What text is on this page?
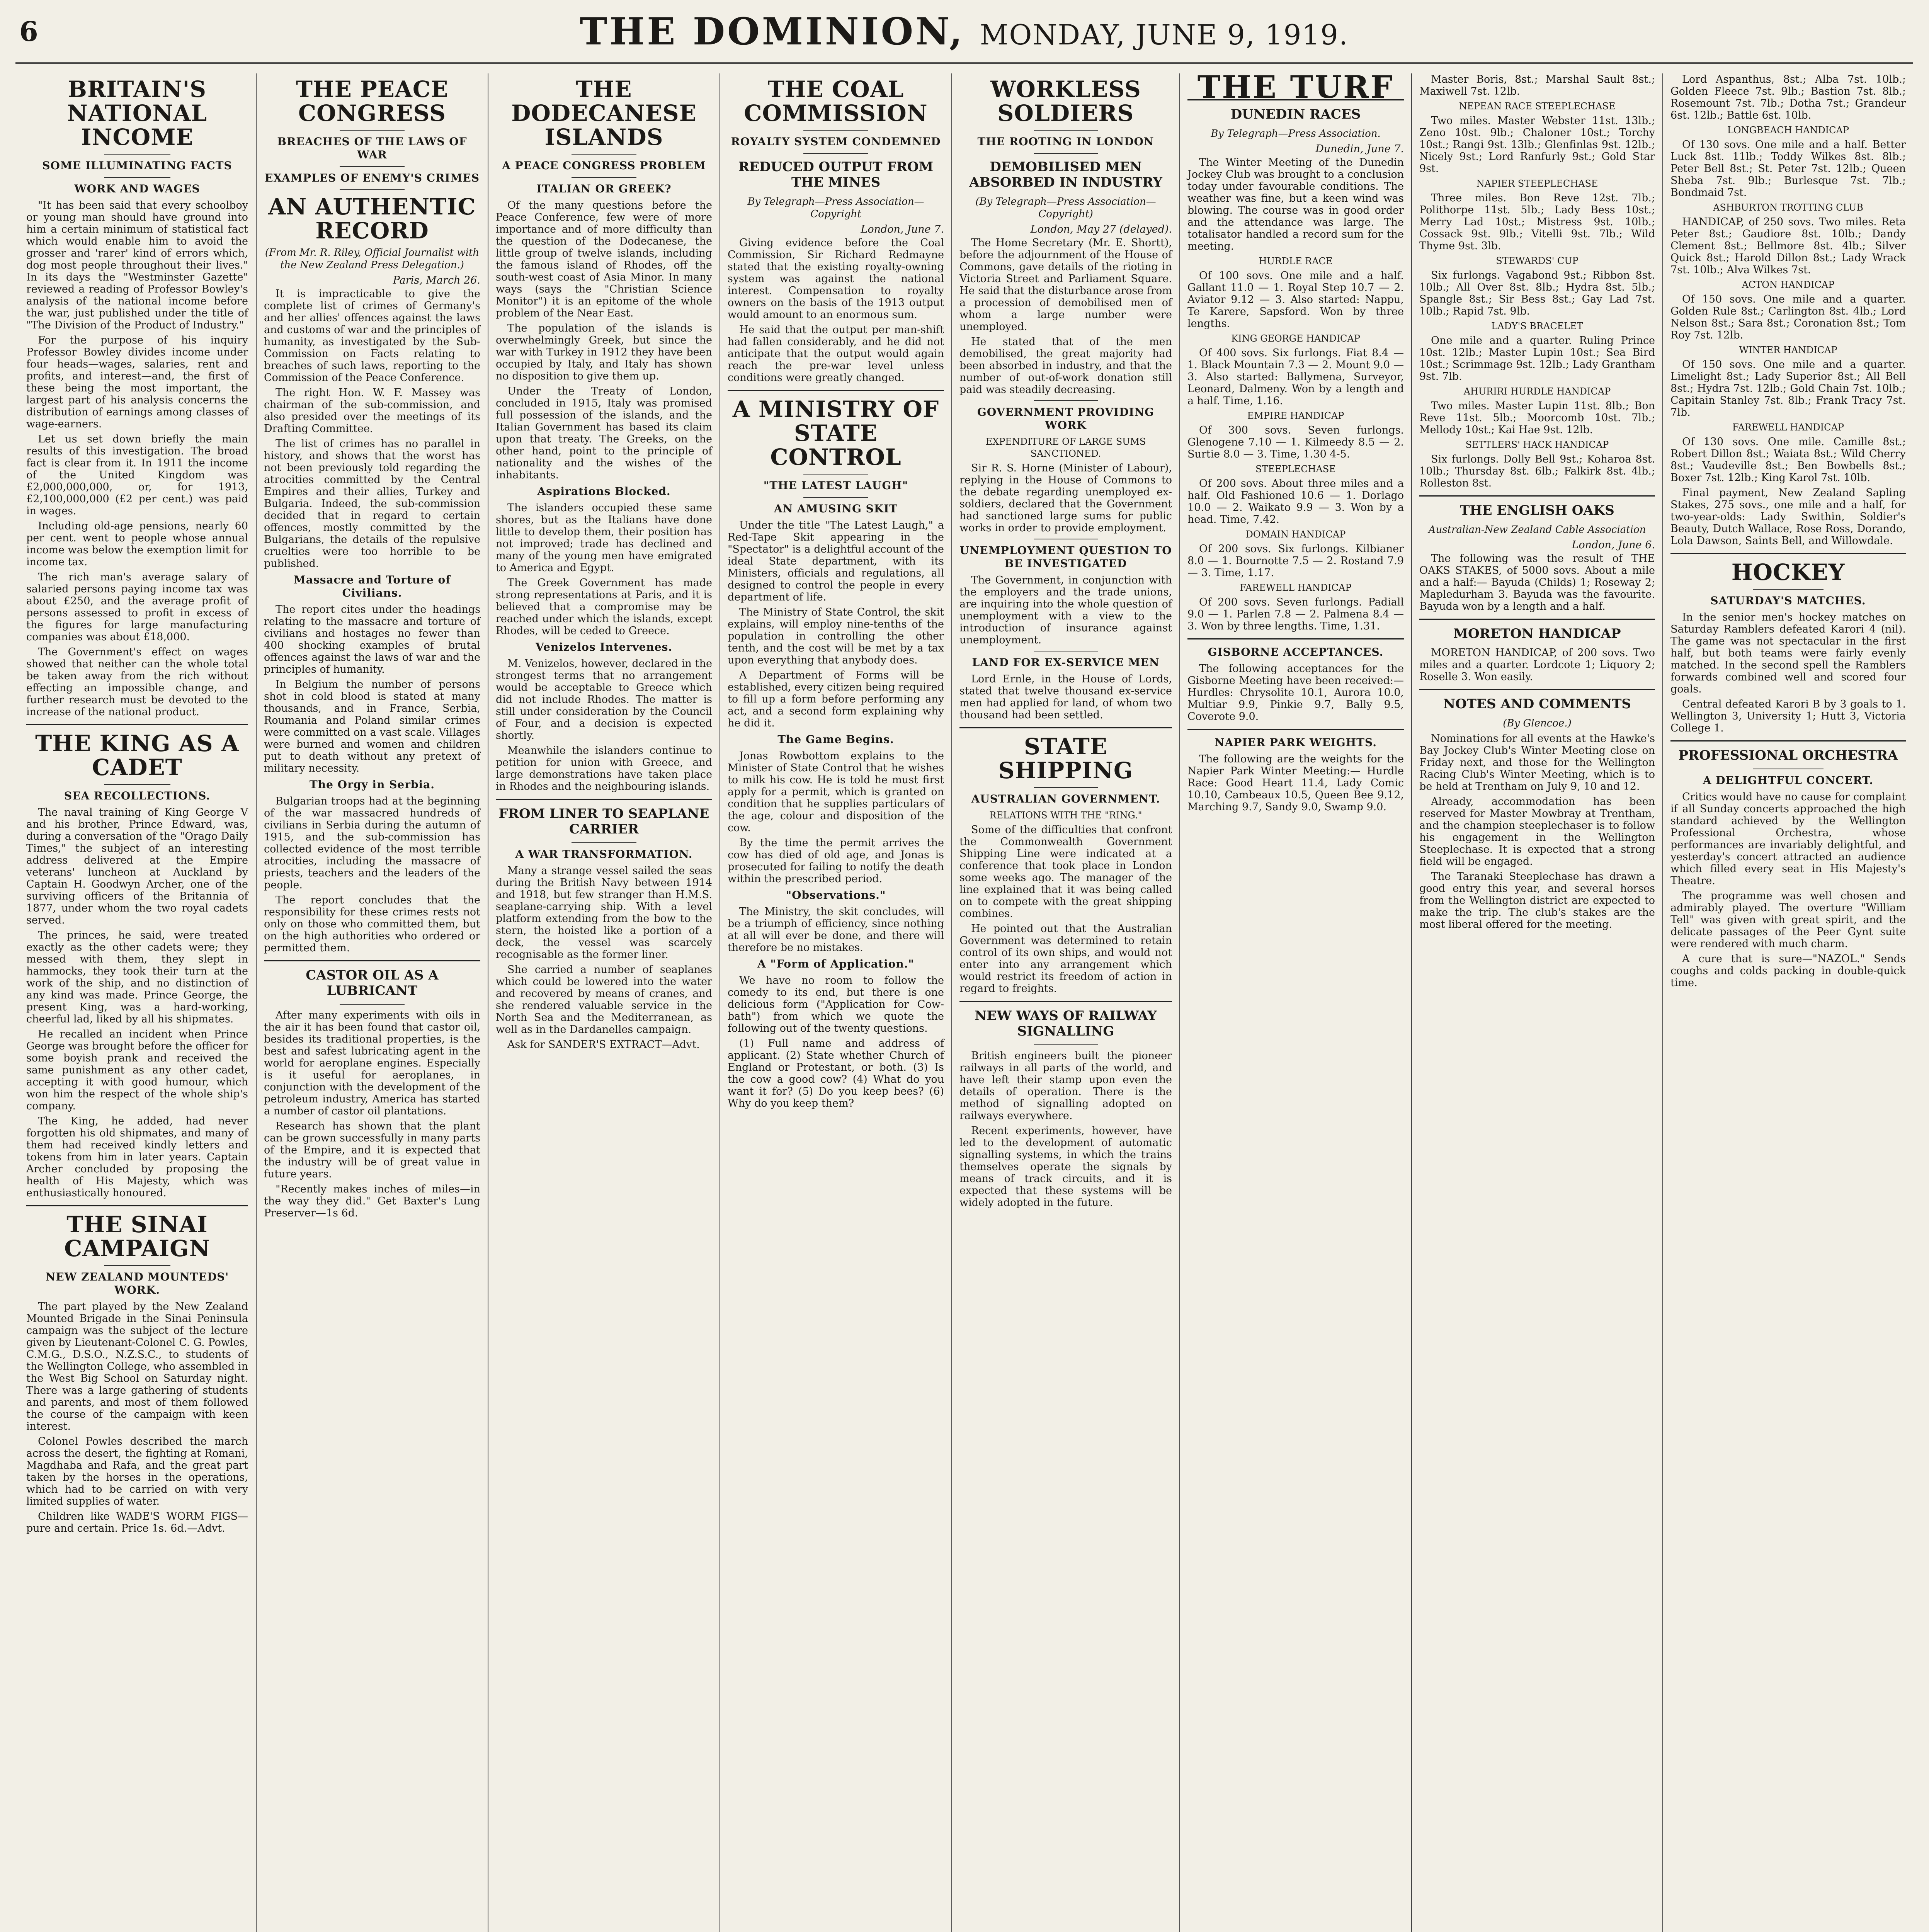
6	THE DOMINION, MONDAY, JUNE 9, 1919.
BRITAIN'S NATIONAL INCOME
SOME ILLUMINATING FACTS
WORK AND WAGES

"It has been said that every schoolboy or young man should have ground into him a certain minimum of statistical fact which would enable him to avoid the grosser and 'rarer' kind of errors which, dog most people throughout their lives." In its days the "Westminster Gazette" reviewed a reading of Professor Bowley's analysis of the national income before the war, just published under the title of "The Division of the Product of Industry."

For the purpose of his inquiry Professor Bowley divides income under four heads—wages, salaries, rent and profits, and interest—and, the first of these being the most important, the largest part of his analysis concerns the distribution of earnings among classes of wage-earners.

Let us set down briefly the main results of this investigation. The broad fact is clear from it. In 1911 the income of the United Kingdom was £2,000,000,000, or, for 1913, £2,100,000,000 (£2 per cent.) was paid in wages.

Including old-age pensions, nearly 60 per cent. went to people whose annual income was below the exemption limit for income tax.

The rich man's average salary of salaried persons paying income tax was about £250, and the average profit of persons assessed to profit in excess of the figures for large manufacturing companies was about £18,000.

The Government's effect on wages showed that neither can the whole total be taken away from the rich without effecting an impossible change, and further research must be devoted to the increase of the national product.

THE KING AS A CADET
SEA RECOLLECTIONS.

The naval training of King George V and his brother, Prince Edward, was, during a conversation of the "Orago Daily Times," the subject of an interesting address delivered at the Empire veterans' luncheon at Auckland by Captain H. Goodwyn Archer, one of the surviving officers of the Britannia of 1877, under whom the two royal cadets served.

The princes, he said, were treated exactly as the other cadets were; they messed with them, they slept in hammocks, they took their turn at the work of the ship, and no distinction of any kind was made. Prince George, the present King, was a hard-working, cheerful lad, liked by all his shipmates.

He recalled an incident when Prince George was brought before the officer for some boyish prank and received the same punishment as any other cadet, accepting it with good humour, which won him the respect of the whole ship's company.

The King, he added, had never forgotten his old shipmates, and many of them had received kindly letters and tokens from him in later years. Captain Archer concluded by proposing the health of His Majesty, which was enthusiastically honoured.

THE SINAI CAMPAIGN
NEW ZEALAND MOUNTEDS' WORK.

The part played by the New Zealand Mounted Brigade in the Sinai Peninsula campaign was the subject of the lecture given by Lieutenant-Colonel C. G. Powles, C.M.G., D.S.O., N.Z.S.C., to students of the Wellington College, who assembled in the West Big School on Saturday night. There was a large gathering of students and parents, and most of them followed the course of the campaign with keen interest.

Colonel Powles described the march across the desert, the fighting at Romani, Magdhaba and Rafa, and the great part taken by the horses in the operations, which had to be carried on with very limited supplies of water.

Children like WADE'S WORM FIGS—pure and certain. Price 1s. 6d.—Advt.

THE PEACE CONGRESS
BREACHES OF THE LAWS OF WAR
EXAMPLES OF ENEMY'S CRIMES
AN AUTHENTIC RECORD
(From Mr. R. Riley, Official Journalist with the New Zealand Press Delegation.)
Paris, March 26.

It is impracticable to give the complete list of crimes of Germany's and her allies' offences against the laws and customs of war and the principles of humanity, as investigated by the Sub-Commission on Facts relating to breaches of such laws, reporting to the Commission of the Peace Conference.

The right Hon. W. F. Massey was chairman of the sub-commission, and also presided over the meetings of its Drafting Committee.

The list of crimes has no parallel in history, and shows that the worst has not been previously told regarding the atrocities committed by the Central Empires and their allies, Turkey and Bulgaria. Indeed, the sub-commission decided that in regard to certain offences, mostly committed by the Bulgarians, the details of the repulsive cruelties were too horrible to be published.

Massacre and Torture of Civilians.

The report cites under the headings relating to the massacre and torture of civilians and hostages no fewer than 400 shocking examples of brutal offences against the laws of war and the principles of humanity.

In Belgium the number of persons shot in cold blood is stated at many thousands, and in France, Serbia, Roumania and Poland similar crimes were committed on a vast scale. Villages were burned and women and children put to death without any pretext of military necessity.

The Orgy in Serbia.

Bulgarian troops had at the beginning of the war massacred hundreds of civilians in Serbia during the autumn of 1915, and the sub-commission has collected evidence of the most terrible atrocities, including the massacre of priests, teachers and the leaders of the people.

The report concludes that the responsibility for these crimes rests not only on those who committed them, but on the high authorities who ordered or permitted them.

CASTOR OIL AS A LUBRICANT

After many experiments with oils in the air it has been found that castor oil, besides its traditional properties, is the best and safest lubricating agent in the world for aeroplane engines. Especially is it useful for aeroplanes, in conjunction with the development of the petroleum industry, America has started a number of castor oil plantations.

Research has shown that the plant can be grown successfully in many parts of the Empire, and it is expected that the industry will be of great value in future years.

"Recently makes inches of miles—in the way they did." Get Baxter's Lung Preserver—1s 6d.

THE DODECANESE ISLANDS
A PEACE CONGRESS PROBLEM
ITALIAN OR GREEK?

Of the many questions before the Peace Conference, few were of more importance and of more difficulty than the question of the Dodecanese, the little group of twelve islands, including the famous island of Rhodes, off the south-west coast of Asia Minor. In many ways (says the "Christian Science Monitor") it is an epitome of the whole problem of the Near East.

The population of the islands is overwhelmingly Greek, but since the war with Turkey in 1912 they have been occupied by Italy, and Italy has shown no disposition to give them up.

Under the Treaty of London, concluded in 1915, Italy was promised full possession of the islands, and the Italian Government has based its claim upon that treaty. The Greeks, on the other hand, point to the principle of nationality and the wishes of the inhabitants.

Aspirations Blocked.

The islanders occupied these same shores, but as the Italians have done little to develop them, their position has not improved; trade has declined and many of the young men have emigrated to America and Egypt.

The Greek Government has made strong representations at Paris, and it is believed that a compromise may be reached under which the islands, except Rhodes, will be ceded to Greece.

Venizelos Intervenes.

M. Venizelos, however, declared in the strongest terms that no arrangement would be acceptable to Greece which did not include Rhodes. The matter is still under consideration by the Council of Four, and a decision is expected shortly.

Meanwhile the islanders continue to petition for union with Greece, and large demonstrations have taken place in Rhodes and the neighbouring islands.

FROM LINER TO SEAPLANE CARRIER
A WAR TRANSFORMATION.

Many a strange vessel sailed the seas during the British Navy between 1914 and 1918, but few stranger than H.M.S. seaplane-carrying ship. With a level platform extending from the bow to the stern, the hoisted like a portion of a deck, the vessel was scarcely recognisable as the former liner.

She carried a number of seaplanes which could be lowered into the water and recovered by means of cranes, and she rendered valuable service in the North Sea and the Mediterranean, as well as in the Dardanelles campaign.

Ask for SANDER'S EXTRACT—Advt.

THE COAL COMMISSION
ROYALTY SYSTEM CONDEMNED
REDUCED OUTPUT FROM THE MINES
By Telegraph—Press Association—Copyright
London, June 7.

Giving evidence before the Coal Commission, Sir Richard Redmayne stated that the existing royalty-owning system was against the national interest. Compensation to royalty owners on the basis of the 1913 output would amount to an enormous sum.

He said that the output per man-shift had fallen considerably, and he did not anticipate that the output would again reach the pre-war level unless conditions were greatly changed.

A MINISTRY OF STATE CONTROL
"THE LATEST LAUGH"
AN AMUSING SKIT

Under the title "The Latest Laugh," a Red-Tape Skit appearing in the "Spectator" is a delightful account of the ideal State department, with its Ministers, officials and regulations, all designed to control the people in every department of life.

The Ministry of State Control, the skit explains, will employ nine-tenths of the population in controlling the other tenth, and the cost will be met by a tax upon everything that anybody does.

A Department of Forms will be established, every citizen being required to fill up a form before performing any act, and a second form explaining why he did it.

The Game Begins.

Jonas Rowbottom explains to the Minister of State Control that he wishes to milk his cow. He is told he must first apply for a permit, which is granted on condition that he supplies particulars of the age, colour and disposition of the cow.

By the time the permit arrives the cow has died of old age, and Jonas is prosecuted for failing to notify the death within the prescribed period.

"Observations."

The Ministry, the skit concludes, will be a triumph of efficiency, since nothing at all will ever be done, and there will therefore be no mistakes.

A "Form of Application."

We have no room to follow the comedy to its end, but there is one delicious form ("Application for Cow-bath") from which we quote the following out of the twenty questions.

(1) Full name and address of applicant. (2) State whether Church of England or Protestant, or both. (3) Is the cow a good cow? (4) What do you want it for? (5) Do you keep bees? (6) Why do you keep them?

WORKLESS SOLDIERS
THE ROOTING IN LONDON
DEMOBILISED MEN ABSORBED IN INDUSTRY
(By Telegraph—Press Association—Copyright)
London, May 27 (delayed).

The Home Secretary (Mr. E. Shortt), before the adjournment of the House of Commons, gave details of the rioting in Victoria Street and Parliament Square. He said that the disturbance arose from a procession of demobilised men of whom a large number were unemployed.

He stated that of the men demobilised, the great majority had been absorbed in industry, and that the number of out-of-work donation still paid was steadily decreasing.

GOVERNMENT PROVIDING WORK
EXPENDITURE OF LARGE SUMS SANCTIONED.

Sir R. S. Horne (Minister of Labour), replying in the House of Commons to the debate regarding unemployed ex-soldiers, declared that the Government had sanctioned large sums for public works in order to provide employment.

UNEMPLOYMENT QUESTION TO BE INVESTIGATED

The Government, in conjunction with the employers and the trade unions, are inquiring into the whole question of unemployment with a view to the introduction of insurance against unemployment.

LAND FOR EX-SERVICE MEN

Lord Ernle, in the House of Lords, stated that twelve thousand ex-service men had applied for land, of whom two thousand had been settled.

STATE SHIPPING
AUSTRALIAN GOVERNMENT.
RELATIONS WITH THE "RING."

Some of the difficulties that confront the Commonwealth Government Shipping Line were indicated at a conference that took place in London some weeks ago. The manager of the line explained that it was being called on to compete with the great shipping combines.

He pointed out that the Australian Government was determined to retain control of its own ships, and would not enter into any arrangement which would restrict its freedom of action in regard to freights.

NEW WAYS OF RAILWAY SIGNALLING

British engineers built the pioneer railways in all parts of the world, and have left their stamp upon even the details of operation. There is the method of signalling adopted on railways everywhere.

Recent experiments, however, have led to the development of automatic signalling systems, in which the trains themselves operate the signals by means of track circuits, and it is expected that these systems will be widely adopted in the future.

THE TURF
DUNEDIN RACES
By Telegraph—Press Association.
Dunedin, June 7.

The Winter Meeting of the Dunedin Jockey Club was brought to a conclusion today under favourable conditions. The weather was fine, but a keen wind was blowing. The course was in good order and the attendance was large. The totalisator handled a record sum for the meeting.

HURDLE RACE

Of 100 sovs. One mile and a half. Gallant 11.0 — 1. Royal Step 10.7 — 2. Aviator 9.12 — 3. Also started: Nappu, Te Karere, Sapsford. Won by three lengths.

KING GEORGE HANDICAP

Of 400 sovs. Six furlongs. Fiat 8.4 — 1. Black Mountain 7.3 — 2. Mount 9.0 — 3. Also started: Ballymena, Surveyor, Leonard, Dalmeny. Won by a length and a half. Time, 1.16.

EMPIRE HANDICAP

Of 300 sovs. Seven furlongs. Glenogene 7.10 — 1. Kilmeedy 8.5 — 2. Surtie 8.0 — 3. Time, 1.30 4-5.

STEEPLECHASE

Of 200 sovs. About three miles and a half. Old Fashioned 10.6 — 1. Dorlago 10.0 — 2. Waikato 9.9 — 3. Won by a head. Time, 7.42.

DOMAIN HANDICAP

Of 200 sovs. Six furlongs. Kilbianer 8.0 — 1. Bournotte 7.5 — 2. Rostand 7.9 — 3. Time, 1.17.

FAREWELL HANDICAP

Of 200 sovs. Seven furlongs. Padiall 9.0 — 1. Parlen 7.8 — 2. Palmena 8.4 — 3. Won by three lengths. Time, 1.31.

GISBORNE ACCEPTANCES.

The following acceptances for the Gisborne Meeting have been received:— Hurdles: Chrysolite 10.1, Aurora 10.0, Multiar 9.9, Pinkie 9.7, Bally 9.5, Coverote 9.0.

NAPIER PARK WEIGHTS.

The following are the weights for the Napier Park Winter Meeting:— Hurdle Race: Good Heart 11.4, Lady Comic 10.10, Cambeaux 10.5, Queen Bee 9.12, Marching 9.7, Sandy 9.0, Swamp 9.0.

Master Boris, 8st.; Marshal Sault 8st.; Maxiwell 7st. 12lb.

NEPEAN RACE STEEPLECHASE

Two miles. Master Webster 11st. 13lb.; Zeno 10st. 9lb.; Chaloner 10st.; Torchy 10st.; Rangi 9st. 13lb.; Glenfinlas 9st. 12lb.; Nicely 9st.; Lord Ranfurly 9st.; Gold Star 9st.

NAPIER STEEPLECHASE

Three miles. Bon Reve 12st. 7lb.; Polithorpe 11st. 5lb.; Lady Bess 10st.; Merry Lad 10st.; Mistress 9st. 10lb.; Cossack 9st. 9lb.; Vitelli 9st. 7lb.; Wild Thyme 9st. 3lb.

STEWARDS' CUP

Six furlongs. Vagabond 9st.; Ribbon 8st. 10lb.; All Over 8st. 8lb.; Hydra 8st. 5lb.; Spangle 8st.; Sir Bess 8st.; Gay Lad 7st. 10lb.; Rapid 7st. 9lb.

LADY'S BRACELET

One mile and a quarter. Ruling Prince 10st. 12lb.; Master Lupin 10st.; Sea Bird 10st.; Scrimmage 9st. 12lb.; Lady Grantham 9st. 7lb.

AHURIRI HURDLE HANDICAP

Two miles. Master Lupin 11st. 8lb.; Bon Reve 11st. 5lb.; Moorcomb 10st. 7lb.; Mellody 10st.; Kai Hae 9st. 12lb.

SETTLERS' HACK HANDICAP

Six furlongs. Dolly Bell 9st.; Koharoa 8st. 10lb.; Thursday 8st. 6lb.; Falkirk 8st. 4lb.; Rolleston 8st.

THE ENGLISH OAKS
Australian-New Zealand Cable Association
London, June 6.

The following was the result of THE OAKS STAKES, of 5000 sovs. About a mile and a half:— Bayuda (Childs) 1; Roseway 2; Mapledurham 3. Bayuda was the favourite. Bayuda won by a length and a half.

MORETON HANDICAP

MORETON HANDICAP, of 200 sovs. Two miles and a quarter. Lordcote 1; Liquory 2; Roselle 3. Won easily.

NOTES AND COMMENTS
(By Glencoe.)

Nominations for all events at the Hawke's Bay Jockey Club's Winter Meeting close on Friday next, and those for the Wellington Racing Club's Winter Meeting, which is to be held at Trentham on July 9, 10 and 12.

Already, accommodation has been reserved for Master Mowbray at Trentham, and the champion steeplechaser is to follow his engagement in the Wellington Steeplechase. It is expected that a strong field will be engaged.

The Taranaki Steeplechase has drawn a good entry this year, and several horses from the Wellington district are expected to make the trip. The club's stakes are the most liberal offered for the meeting.

Lord Aspanthus, 8st.; Alba 7st. 10lb.; Golden Fleece 7st. 9lb.; Bastion 7st. 8lb.; Rosemount 7st. 7lb.; Dotha 7st.; Grandeur 6st. 12lb.; Battle 6st. 10lb.

LONGBEACH HANDICAP

Of 130 sovs. One mile and a half. Better Luck 8st. 11lb.; Toddy Wilkes 8st. 8lb.; Peter Bell 8st.; St. Peter 7st. 12lb.; Queen Sheba 7st. 9lb.; Burlesque 7st. 7lb.; Bondmaid 7st.

ASHBURTON TROTTING CLUB

HANDICAP, of 250 sovs. Two miles. Reta Peter 8st.; Gaudiore 8st. 10lb.; Dandy Clement 8st.; Bellmore 8st. 4lb.; Silver Quick 8st.; Harold Dillon 8st.; Lady Wrack 7st. 10lb.; Alva Wilkes 7st.

ACTON HANDICAP

Of 150 sovs. One mile and a quarter. Golden Rule 8st.; Carlington 8st. 4lb.; Lord Nelson 8st.; Sara 8st.; Coronation 8st.; Tom Roy 7st. 12lb.

WINTER HANDICAP

Of 150 sovs. One mile and a quarter. Limelight 8st.; Lady Superior 8st.; All Bell 8st.; Hydra 7st. 12lb.; Gold Chain 7st. 10lb.; Capitain Stanley 7st. 8lb.; Frank Tracy 7st. 7lb.

FAREWELL HANDICAP

Of 130 sovs. One mile. Camille 8st.; Robert Dillon 8st.; Waiata 8st.; Wild Cherry 8st.; Vaudeville 8st.; Ben Bowbells 8st.; Boxer 7st. 12lb.; King Karol 7st. 10lb.

Final payment, New Zealand Sapling Stakes, 275 sovs., one mile and a half, for two-year-olds: Lady Swithin, Soldier's Beauty, Dutch Wallace, Rose Ross, Dorando, Lola Dawson, Saints Bell, and Willowdale.

HOCKEY
SATURDAY'S MATCHES.

In the senior men's hockey matches on Saturday Ramblers defeated Karori 4 (nil). The game was not spectacular in the first half, but both teams were fairly evenly matched. In the second spell the Ramblers forwards combined well and scored four goals.

Central defeated Karori B by 3 goals to 1. Wellington 3, University 1; Hutt 3, Victoria College 1.

PROFESSIONAL ORCHESTRA
A DELIGHTFUL CONCERT.

Critics would have no cause for complaint if all Sunday concerts approached the high standard achieved by the Wellington Professional Orchestra, whose performances are invariably delightful, and yesterday's concert attracted an audience which filled every seat in His Majesty's Theatre.

The programme was well chosen and admirably played. The overture "William Tell" was given with great spirit, and the delicate passages of the Peer Gynt suite were rendered with much charm.

A cure that is sure—"NAZOL." Sends coughs and colds packing in double-quick time.
